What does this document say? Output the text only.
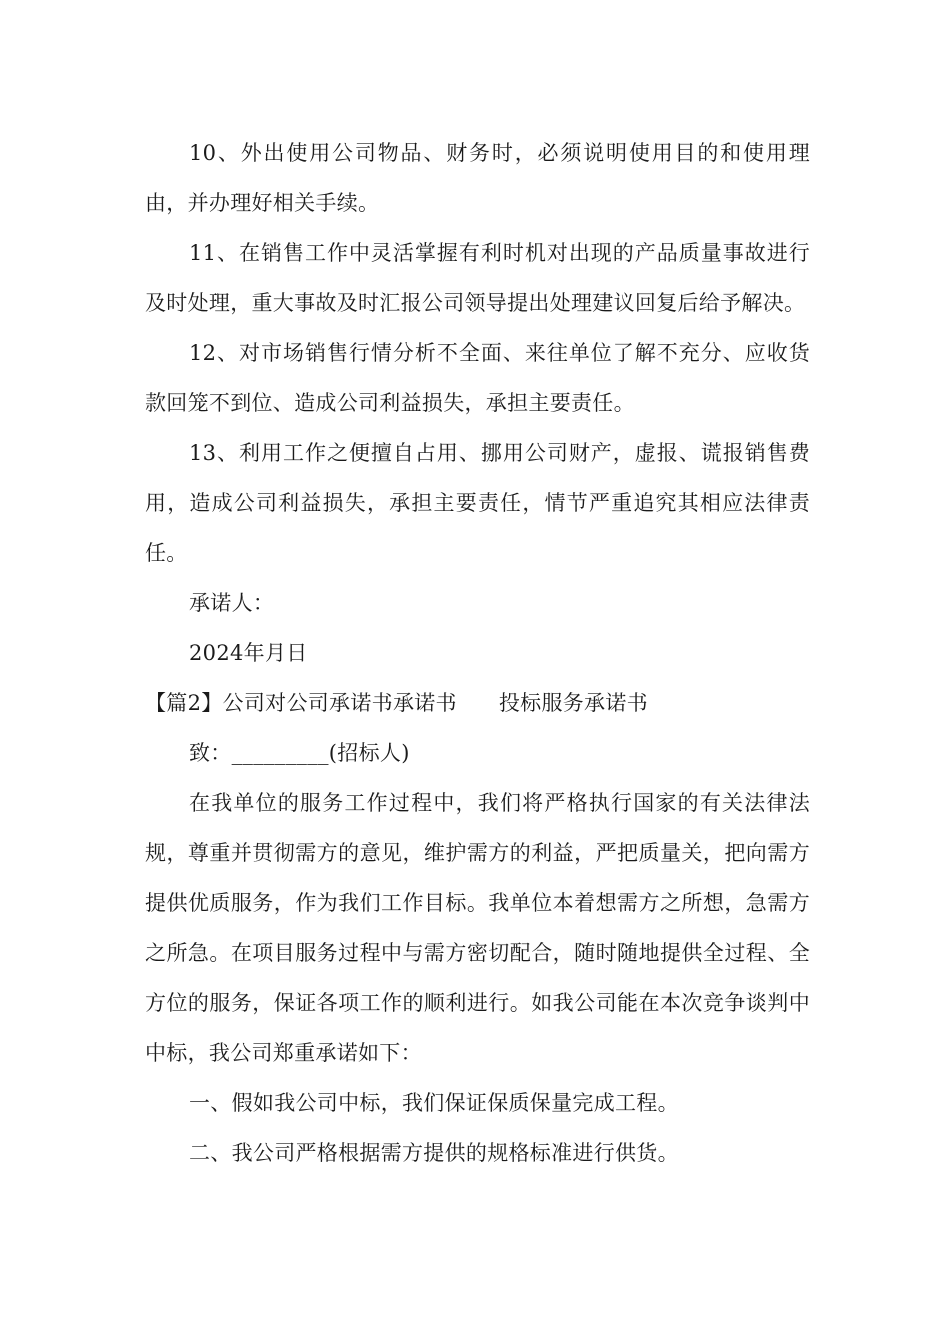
10、外出使用公司物品、财务时，必须说明使用目的和使用理由，并办理好相关手续。

11、在销售工作中灵活掌握有利时机对出现的产品质量事故进行及时处理，重大事故及时汇报公司领导提出处理建议回复后给予解决。

12、对市场销售行情分析不全面、来往单位了解不充分、应收货款回笼不到位、造成公司利益损失，承担主要责任。

13、利用工作之便擅自占用、挪用公司财产，虚报、谎报销售费用，造成公司利益损失，承担主要责任，情节严重追究其相应法律责任。

承诺人：

2024年月日

【篇2】公司对公司承诺书承诺书 投标服务承诺书

致：_________(招标人)

在我单位的服务工作过程中，我们将严格执行国家的有关法律法规，尊重并贯彻需方的意见，维护需方的利益，严把质量关，把向需方提供优质服务，作为我们工作目标。我单位本着想需方之所想，急需方之所急。在项目服务过程中与需方密切配合，随时随地提供全过程、全方位的服务，保证各项工作的顺利进行。如我公司能在本次竞争谈判中中标，我公司郑重承诺如下：

一、假如我公司中标，我们保证保质保量完成工程。

二、我公司严格根据需方提供的规格标准进行供货。
